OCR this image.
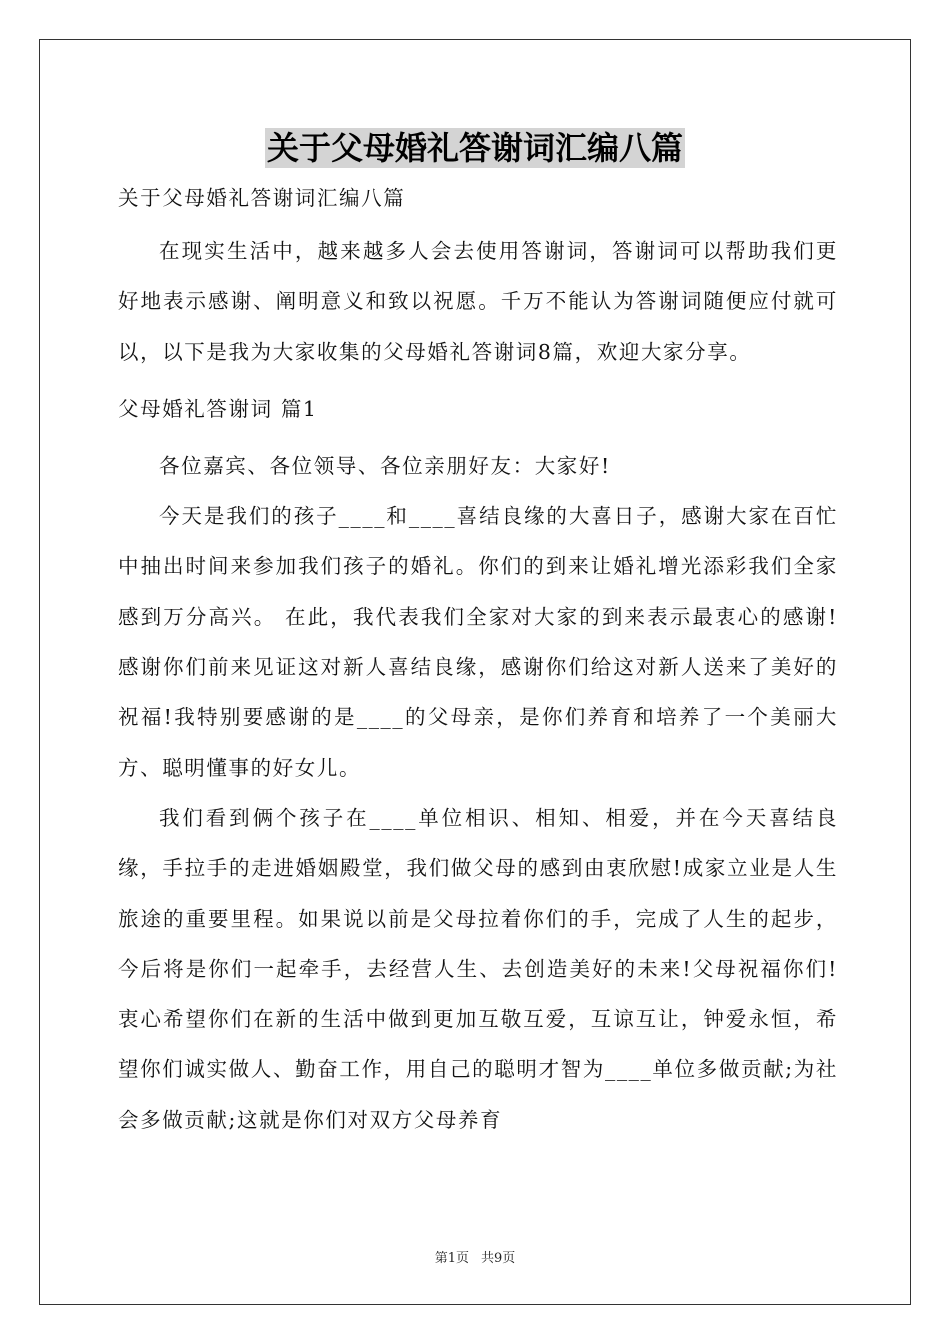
关于父母婚礼答谢词汇编八篇
关于父母婚礼答谢词汇编八篇

在现实生活中，越来越多人会去使用答谢词，答谢词可以帮助我们更好地表示感谢、阐明意义和致以祝愿。千万不能认为答谢词随便应付就可以，以下是我为大家收集的父母婚礼答谢词8篇，欢迎大家分享。

父母婚礼答谢词 篇1

各位嘉宾、各位领导、各位亲朋好友：大家好!

今天是我们的孩子____和____喜结良缘的大喜日子，感谢大家在百忙中抽出时间来参加我们孩子的婚礼。你们的到来让婚礼增光添彩我们全家感到万分高兴。 在此，我代表我们全家对大家的到来表示最衷心的感谢!感谢你们前来见证这对新人喜结良缘，感谢你们给这对新人送来了美好的祝福!我特别要感谢的是____的父母亲，是你们养育和培养了一个美丽大方、聪明懂事的好女儿。

我们看到俩个孩子在____单位相识、相知、相爱，并在今天喜结良缘，手拉手的走进婚姻殿堂，我们做父母的感到由衷欣慰!成家立业是人生旅途的重要里程。如果说以前是父母拉着你们的手，完成了人生的起步，今后将是你们一起牵手，去经营人生、去创造美好的未来!父母祝福你们!衷心希望你们在新的生活中做到更加互敬互爱，互谅互让，钟爱永恒，希望你们诚实做人、勤奋工作，用自己的聪明才智为____单位多做贡献;为社会多做贡献;这就是你们对双方父母养育

第1页 共9页
